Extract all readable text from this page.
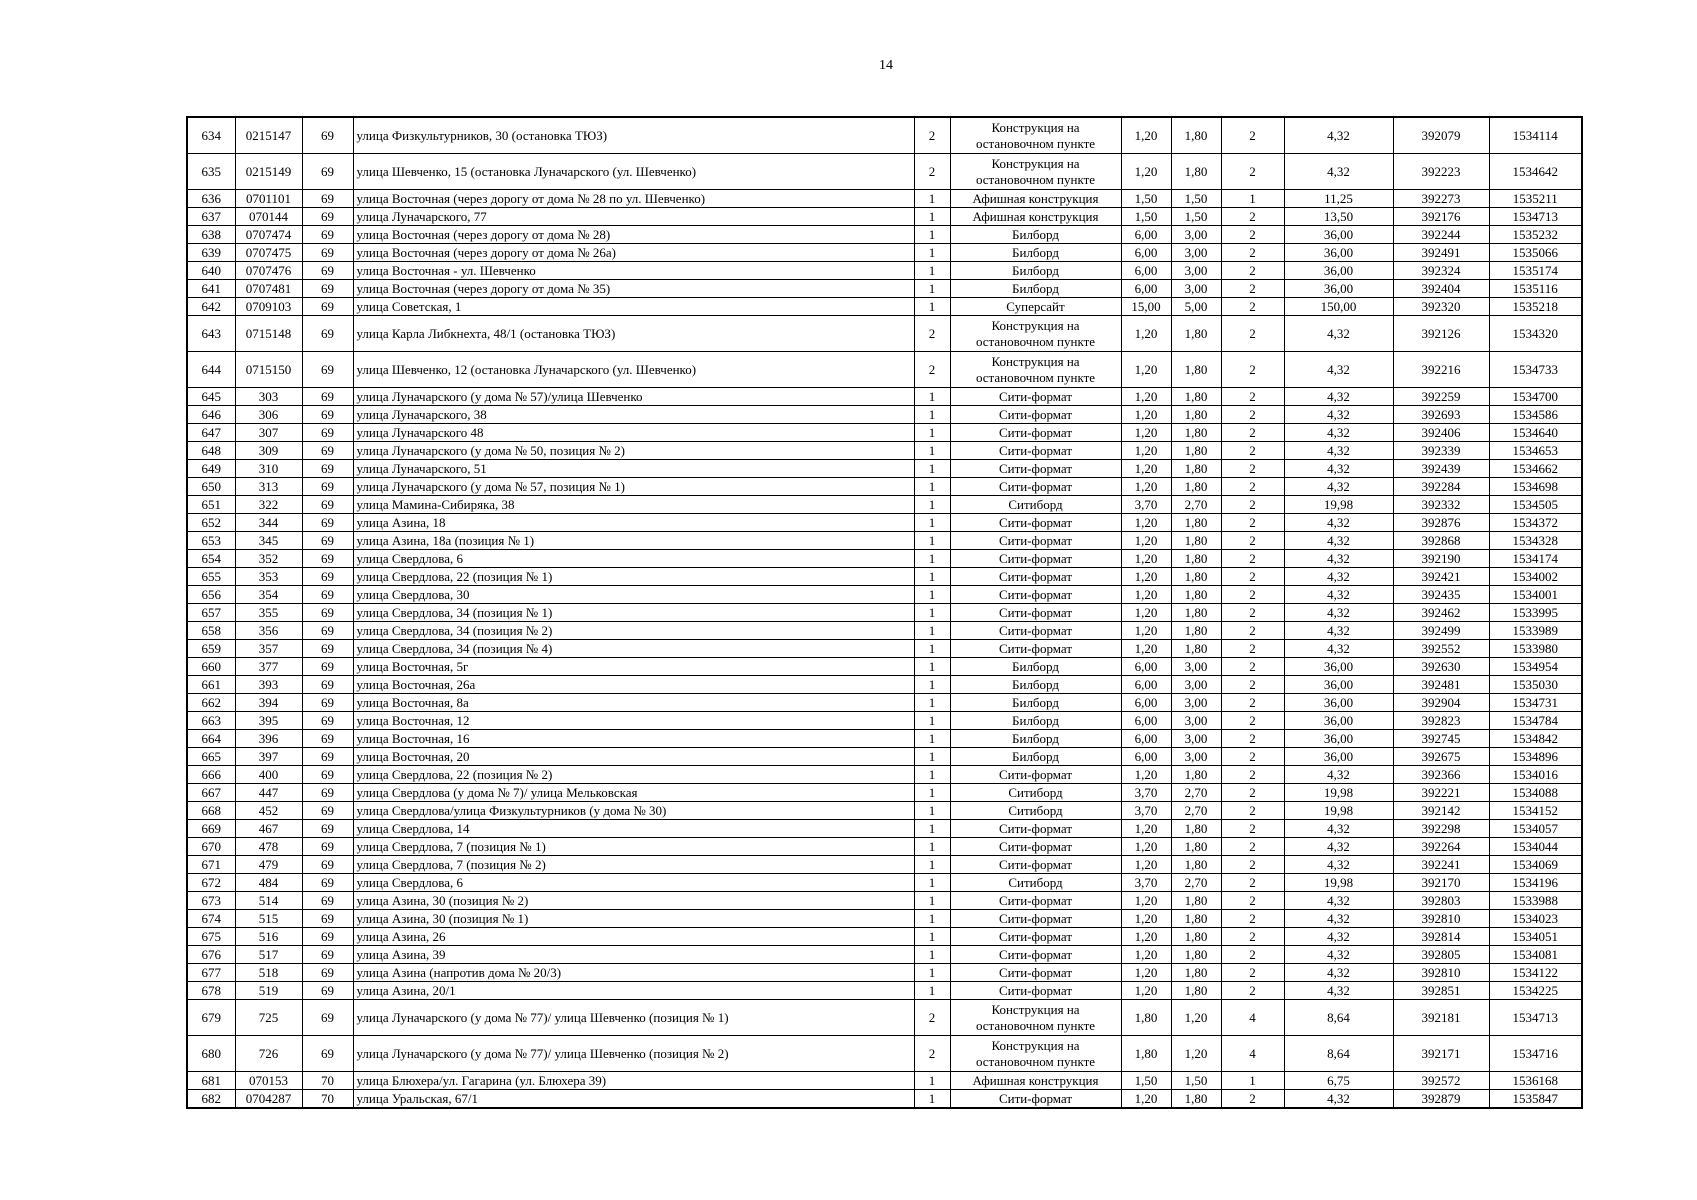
14
634	0215147	69	улица Физкультурников, 30 (остановка ТЮЗ)	2	Конструкция на остановочном пункте	1,20	1,80	2	4,32	392079	1534114
635	0215149	69	улица Шевченко, 15 (остановка Луначарского (ул. Шевченко)	2	Конструкция на остановочном пункте	1,20	1,80	2	4,32	392223	1534642
636	0701101	69	улица Восточная (через дорогу от дома № 28 по ул. Шевченко)	1	Афишная конструкция	1,50	1,50	1	11,25	392273	1535211
637	070144	69	улица Луначарского, 77	1	Афишная конструкция	1,50	1,50	2	13,50	392176	1534713
638	0707474	69	улица Восточная (через дорогу от дома № 28)	1	Билборд	6,00	3,00	2	36,00	392244	1535232
639	0707475	69	улица Восточная (через дорогу от дома № 26а)	1	Билборд	6,00	3,00	2	36,00	392491	1535066
640	0707476	69	улица Восточная - ул. Шевченко	1	Билборд	6,00	3,00	2	36,00	392324	1535174
641	0707481	69	улица Восточная (через дорогу от дома № 35)	1	Билборд	6,00	3,00	2	36,00	392404	1535116
642	0709103	69	улица Советская, 1	1	Суперсайт	15,00	5,00	2	150,00	392320	1535218
643	0715148	69	улица Карла Либкнехта, 48/1 (остановка ТЮЗ)	2	Конструкция на остановочном пункте	1,20	1,80	2	4,32	392126	1534320
644	0715150	69	улица Шевченко, 12 (остановка Луначарского (ул. Шевченко)	2	Конструкция на остановочном пункте	1,20	1,80	2	4,32	392216	1534733
645	303	69	улица Луначарского (у дома № 57)/улица Шевченко	1	Сити-формат	1,20	1,80	2	4,32	392259	1534700
646	306	69	улица Луначарского, 38	1	Сити-формат	1,20	1,80	2	4,32	392693	1534586
647	307	69	улица Луначарского 48	1	Сити-формат	1,20	1,80	2	4,32	392406	1534640
648	309	69	улица Луначарского (у дома № 50, позиция № 2)	1	Сити-формат	1,20	1,80	2	4,32	392339	1534653
649	310	69	улица Луначарского, 51	1	Сити-формат	1,20	1,80	2	4,32	392439	1534662
650	313	69	улица Луначарского (у дома № 57, позиция № 1)	1	Сити-формат	1,20	1,80	2	4,32	392284	1534698
651	322	69	улица Мамина-Сибиряка, 38	1	Ситиборд	3,70	2,70	2	19,98	392332	1534505
652	344	69	улица Азина, 18	1	Сити-формат	1,20	1,80	2	4,32	392876	1534372
653	345	69	улица Азина, 18а (позиция № 1)	1	Сити-формат	1,20	1,80	2	4,32	392868	1534328
654	352	69	улица Свердлова, 6	1	Сити-формат	1,20	1,80	2	4,32	392190	1534174
655	353	69	улица Свердлова, 22 (позиция № 1)	1	Сити-формат	1,20	1,80	2	4,32	392421	1534002
656	354	69	улица Свердлова, 30	1	Сити-формат	1,20	1,80	2	4,32	392435	1534001
657	355	69	улица Свердлова, 34 (позиция № 1)	1	Сити-формат	1,20	1,80	2	4,32	392462	1533995
658	356	69	улица Свердлова, 34 (позиция № 2)	1	Сити-формат	1,20	1,80	2	4,32	392499	1533989
659	357	69	улица Свердлова, 34 (позиция № 4)	1	Сити-формат	1,20	1,80	2	4,32	392552	1533980
660	377	69	улица Восточная, 5г	1	Билборд	6,00	3,00	2	36,00	392630	1534954
661	393	69	улица Восточная, 26а	1	Билборд	6,00	3,00	2	36,00	392481	1535030
662	394	69	улица Восточная, 8а	1	Билборд	6,00	3,00	2	36,00	392904	1534731
663	395	69	улица Восточная, 12	1	Билборд	6,00	3,00	2	36,00	392823	1534784
664	396	69	улица Восточная, 16	1	Билборд	6,00	3,00	2	36,00	392745	1534842
665	397	69	улица Восточная, 20	1	Билборд	6,00	3,00	2	36,00	392675	1534896
666	400	69	улица Свердлова, 22 (позиция № 2)	1	Сити-формат	1,20	1,80	2	4,32	392366	1534016
667	447	69	улица Свердлова (у дома № 7)/ улица Мельковская	1	Ситиборд	3,70	2,70	2	19,98	392221	1534088
668	452	69	улица Свердлова/улица Физкультурников (у дома № 30)	1	Ситиборд	3,70	2,70	2	19,98	392142	1534152
669	467	69	улица Свердлова, 14	1	Сити-формат	1,20	1,80	2	4,32	392298	1534057
670	478	69	улица Свердлова, 7 (позиция № 1)	1	Сити-формат	1,20	1,80	2	4,32	392264	1534044
671	479	69	улица Свердлова, 7 (позиция № 2)	1	Сити-формат	1,20	1,80	2	4,32	392241	1534069
672	484	69	улица Свердлова, 6	1	Ситиборд	3,70	2,70	2	19,98	392170	1534196
673	514	69	улица Азина, 30 (позиция № 2)	1	Сити-формат	1,20	1,80	2	4,32	392803	1533988
674	515	69	улица Азина, 30 (позиция № 1)	1	Сити-формат	1,20	1,80	2	4,32	392810	1534023
675	516	69	улица Азина, 26	1	Сити-формат	1,20	1,80	2	4,32	392814	1534051
676	517	69	улица Азина, 39	1	Сити-формат	1,20	1,80	2	4,32	392805	1534081
677	518	69	улица Азина (напротив дома № 20/3)	1	Сити-формат	1,20	1,80	2	4,32	392810	1534122
678	519	69	улица Азина, 20/1	1	Сити-формат	1,20	1,80	2	4,32	392851	1534225
679	725	69	улица Луначарского (у дома № 77)/ улица Шевченко (позиция № 1)	2	Конструкция на остановочном пункте	1,80	1,20	4	8,64	392181	1534713
680	726	69	улица Луначарского (у дома № 77)/ улица Шевченко (позиция № 2)	2	Конструкция на остановочном пункте	1,80	1,20	4	8,64	392171	1534716
681	070153	70	улица Блюхера/ул. Гагарина (ул. Блюхера 39)	1	Афишная конструкция	1,50	1,50	1	6,75	392572	1536168
682	0704287	70	улица Уральская, 67/1	1	Сити-формат	1,20	1,80	2	4,32	392879	1535847
